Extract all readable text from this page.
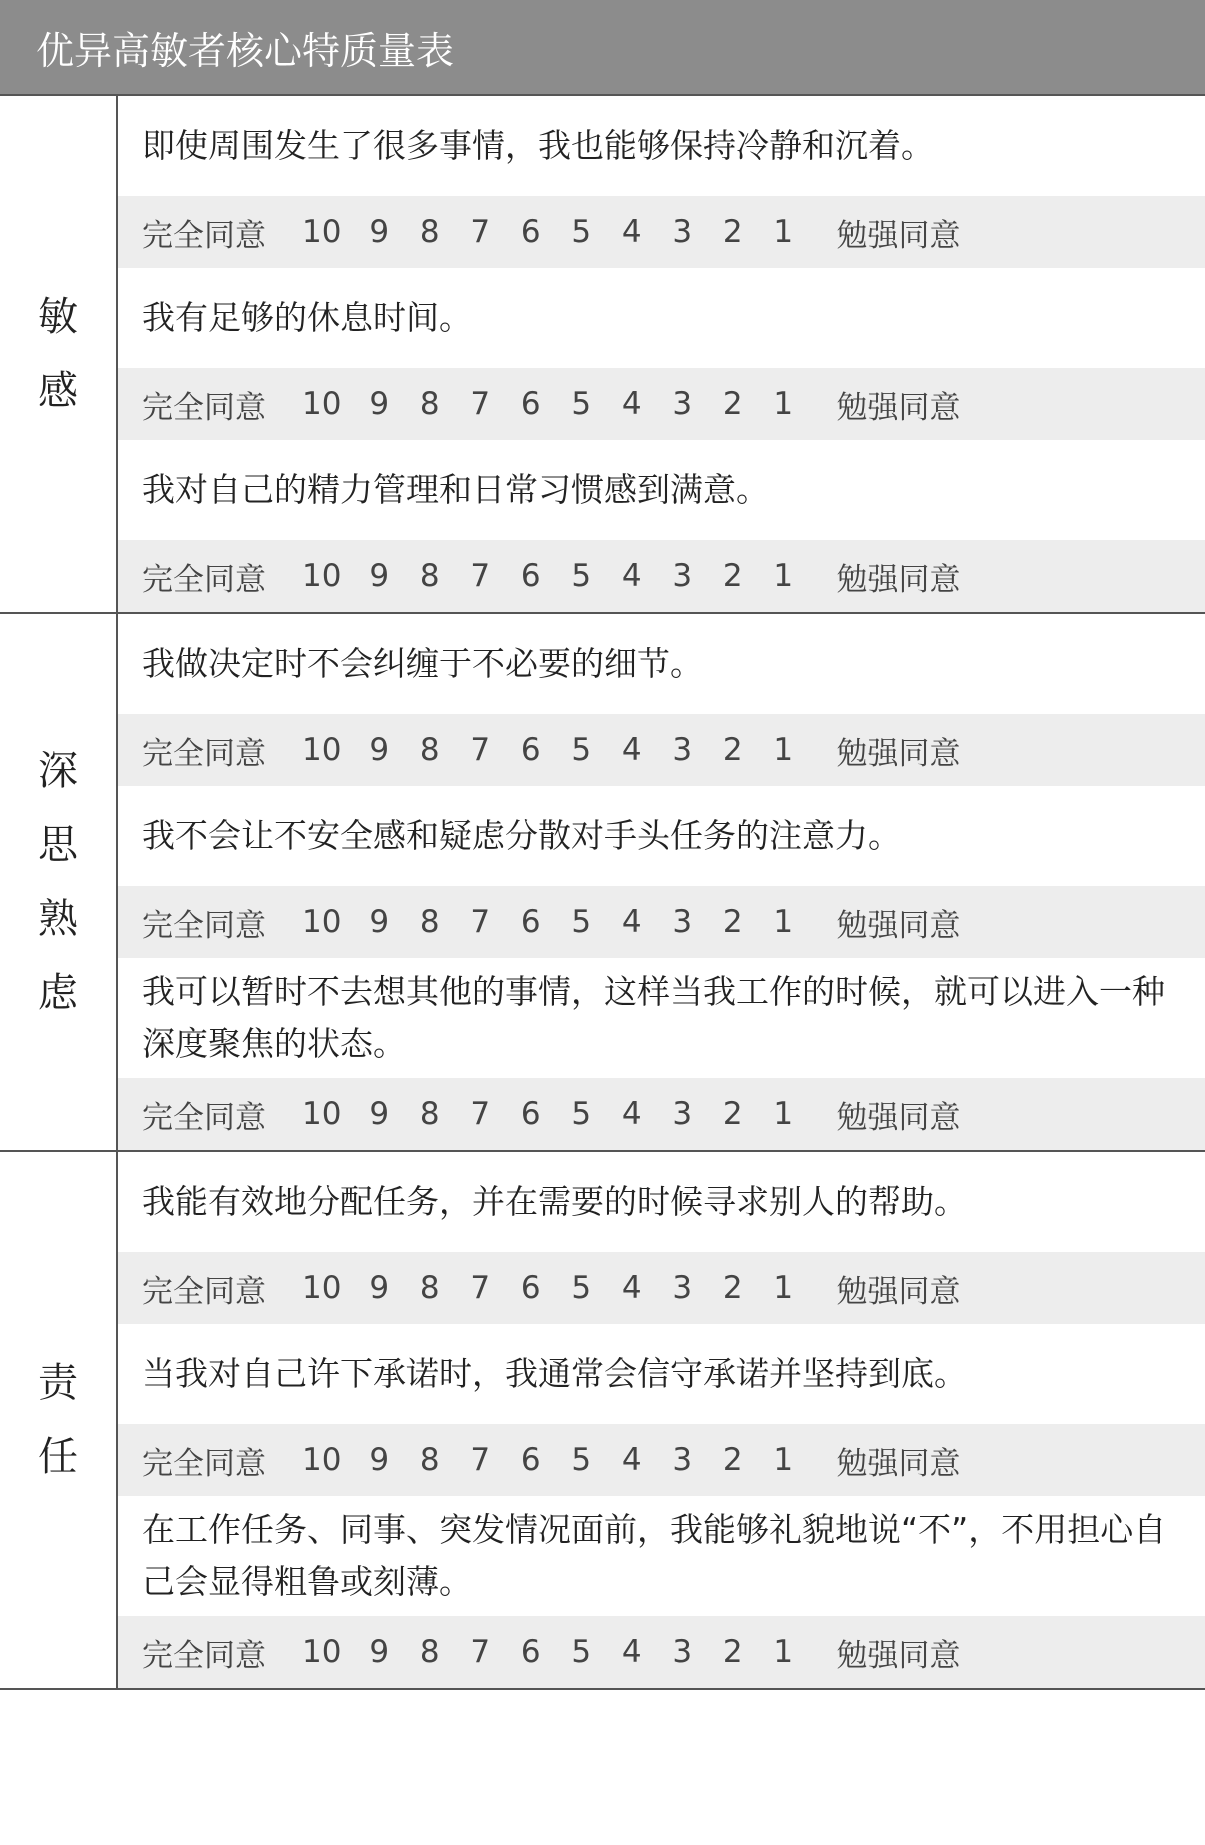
优异高敏者核心特质量表
敏
感
即使周围发生了很多事情，我也能够保持冷静和沉着。
完全同意	10 9 8 7 6 5 4 3 2 1	勉强同意
我有足够的休息时间。
完全同意	10 9 8 7 6 5 4 3 2 1	勉强同意
我对自己的精力管理和日常习惯感到满意。
完全同意	10 9 8 7 6 5 4 3 2 1	勉强同意
深
思
熟
虑
我做决定时不会纠缠于不必要的细节。
完全同意	10 9 8 7 6 5 4 3 2 1	勉强同意
我不会让不安全感和疑虑分散对手头任务的注意力。
完全同意	10 9 8 7 6 5 4 3 2 1	勉强同意
我可以暂时不去想其他的事情，这样当我工作的时候，就可以进入一种深度聚焦的状态。
完全同意	10 9 8 7 6 5 4 3 2 1	勉强同意
责
任
我能有效地分配任务，并在需要的时候寻求别人的帮助。
完全同意	10 9 8 7 6 5 4 3 2 1	勉强同意
当我对自己许下承诺时，我通常会信守承诺并坚持到底。
完全同意	10 9 8 7 6 5 4 3 2 1	勉强同意
在工作任务、同事、突发情况面前，我能够礼貌地说“不”，不用担心自己会显得粗鲁或刻薄。
完全同意	10 9 8 7 6 5 4 3 2 1	勉强同意
